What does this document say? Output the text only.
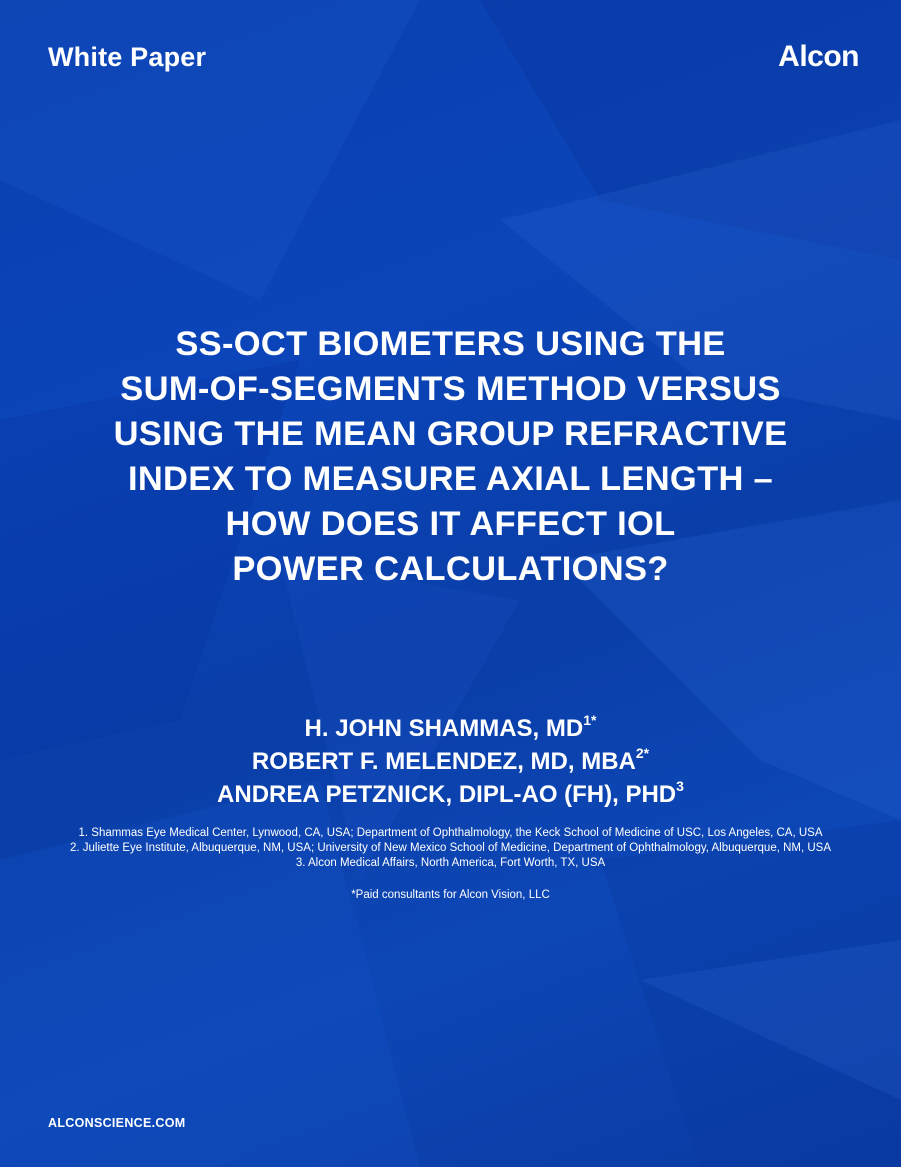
White Paper	Alcon
SS-OCT BIOMETERS USING THE
SUM-OF-SEGMENTS METHOD VERSUS
USING THE MEAN GROUP REFRACTIVE
INDEX TO MEASURE AXIAL LENGTH –
HOW DOES IT AFFECT IOL
POWER CALCULATIONS?
H. JOHN SHAMMAS, $MD^{1*}$
ROBERT F. MELENDEZ, MD, $MBA^{2*}$
ANDREA PETZNICK, DIPL-AO (FH), PHD$^3$
1. Shammas Eye Medical Center, Lynwood, CA, USA; Department of Ophthalmology, the Keck School of Medicine of USC, Los Angeles, CA, USA
2. Juliette Eye Institute, Albuquerque, NM, USA; University of New Mexico School of Medicine, Department of Ophthalmology, Albuquerque, NM, USA
3. Alcon Medical Affairs, North America, Fort Worth, TX, USA
*Paid consultants for Alcon Vision, LLC
ALCONSCIENCE.COM
